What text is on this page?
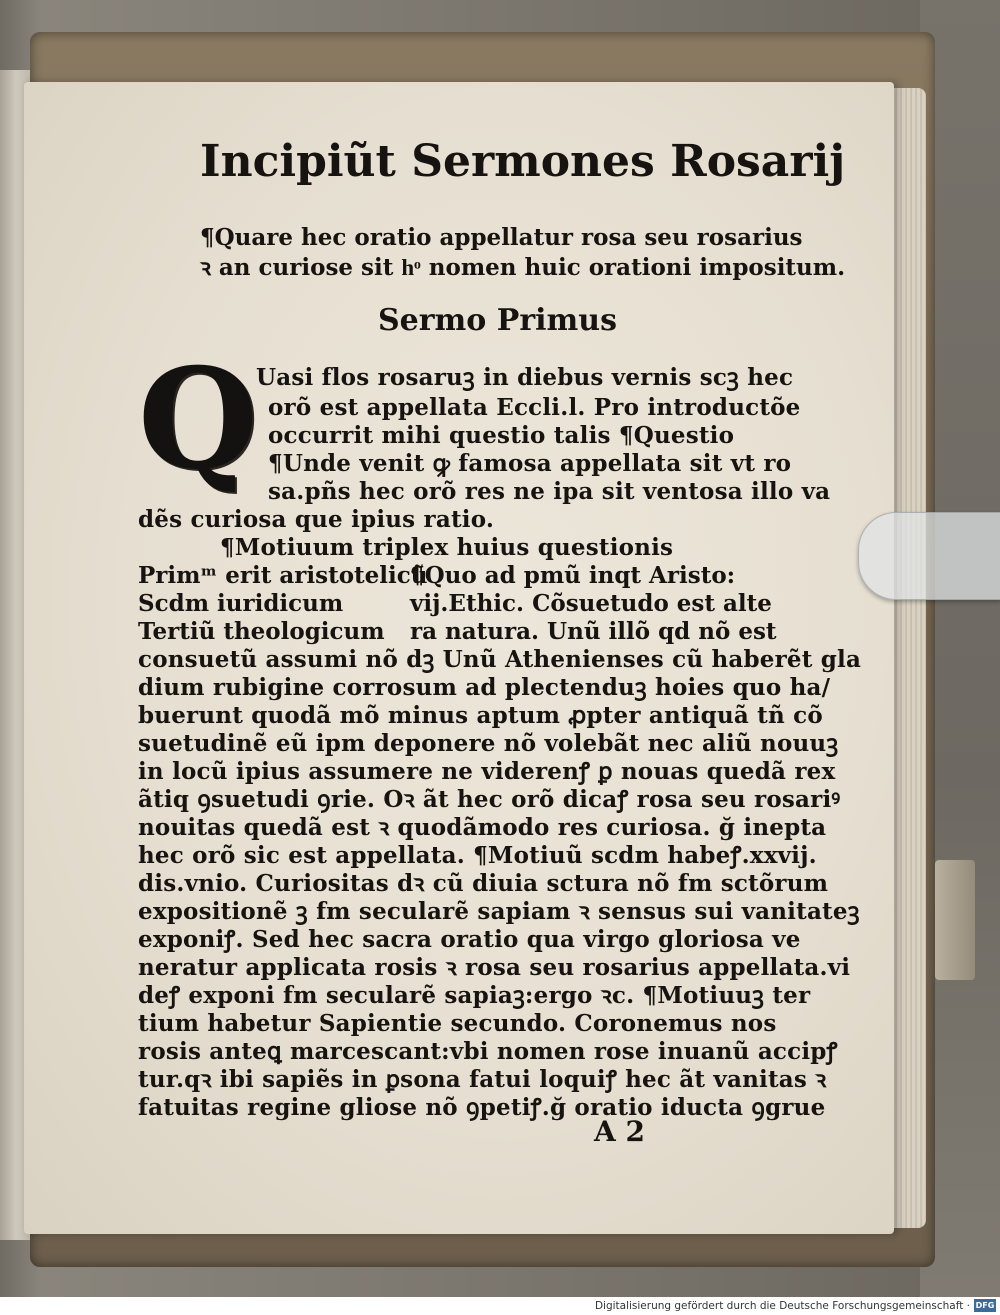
Incipiũt Sermones Rosarij
¶Quare hec oratio appellatur rosa seu rosarius
ꝛ an curiose sit hͦ nomen huic orationi impositum.
Sermo Primus
Q
Uasi flos rosaruꝫ in diebus vernis scꝫ hec
orõ est appellata Eccli.l. Pro introductõe
occurrit mihi questio talis ¶Questio
¶Unde venit ꝙ famosa appellata sit vt ro
sa.pñs hec orõ res ne ipa sit ventosa illo va
dẽs curiosa que ipius ratio.
¶Motiuum triplex huius questionis
Primᵐ erit aristotelicũ
Scdm iuridicum
Tertiũ theologicum
¶Quo ad pmũ inqt Aristo:
vij.Ethic. Cõsuetudo est alte
ra natura. Unũ illõ qd nõ est
consuetũ assumi nõ dꝫ Unũ Athenienses cũ haberẽt gla
dium rubigine corrosum ad plectenduꝫ hoies quo ha/
buerunt quodã mõ minus aptum ꝓpter antiquã tñ cõ
suetudinẽ eũ ipm deponere nõ volebãt nec aliũ nouuꝫ
in locũ ipius assumere ne viderenꝭ ꝑ nouas quedã rex
ãtiq ꝯsuetudi ꝯrie. Oꝛ ãt hec orõ dicaꝭ rosa seu rosariꝰ
nouitas quedã est ꝛ quodãmodo res curiosa. ğ inepta
hec orõ sic est appellata. ¶Motiuũ scdm habeꝭ.xxvij.
dis.vnio. Curiositas dꝛ cũ diuia sctura nõ fm sctõrum
expositionẽ ꝫ fm secularẽ sapiam ꝛ sensus sui vanitateꝫ
exponiꝭ. Sed hec sacra oratio qua virgo gloriosa ve
neratur applicata rosis ꝛ rosa seu rosarius appellata.vi
deꝭ exponi fm secularẽ sapiaꝫ:ergo ꝛc. ¶Motiuuꝫ ter
tium habetur Sapientie secundo. Coronemus nos
rosis anteꝗ marcescant:vbi nomen rose inuanũ accipꝭ
tur.qꝛ ibi sapiẽs in ꝑsona fatui loquiꝭ hec ãt vanitas ꝛ
fatuitas regine gliose nõ ꝯpetiꝭ.ğ oratio iducta ꝯgrue
A 2
Digitalisierung gefördert durch die Deutsche Forschungsgemeinschaft · DFG
